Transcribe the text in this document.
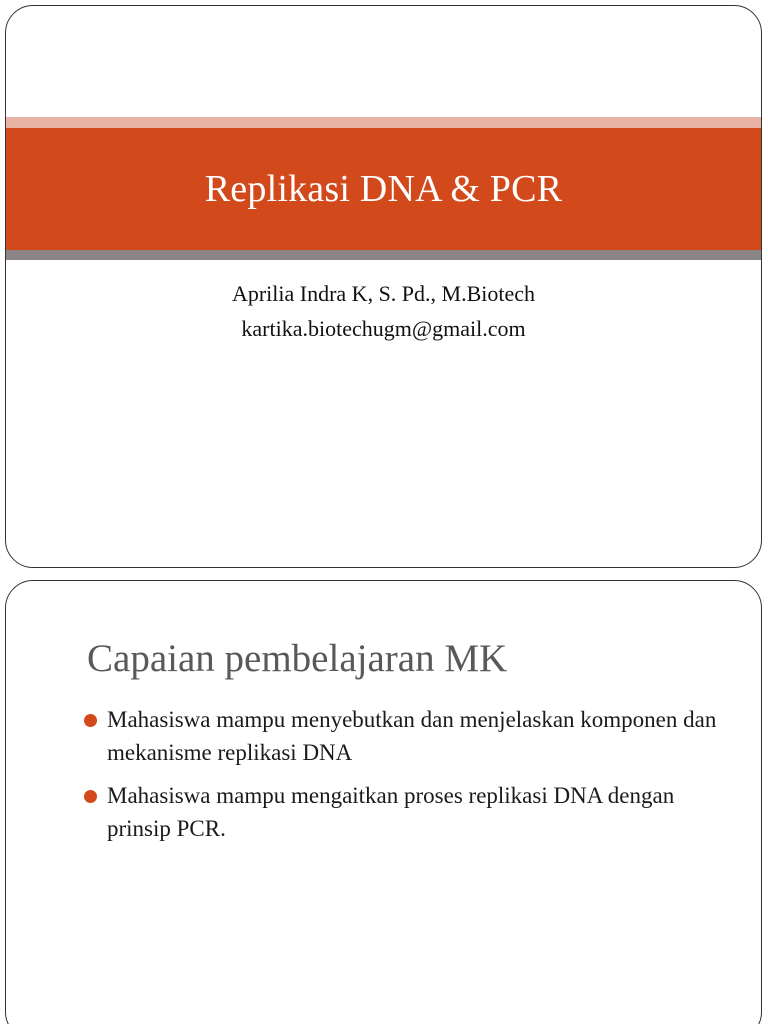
Replikasi DNA & PCR
Aprilia Indra K, S. Pd., M.Biotech
kartika.biotechugm@gmail.com
Capaian pembelajaran MK
Mahasiswa mampu menyebutkan dan menjelaskan komponen dan mekanisme replikasi DNA
Mahasiswa mampu mengaitkan proses replikasi DNA dengan prinsip PCR.
